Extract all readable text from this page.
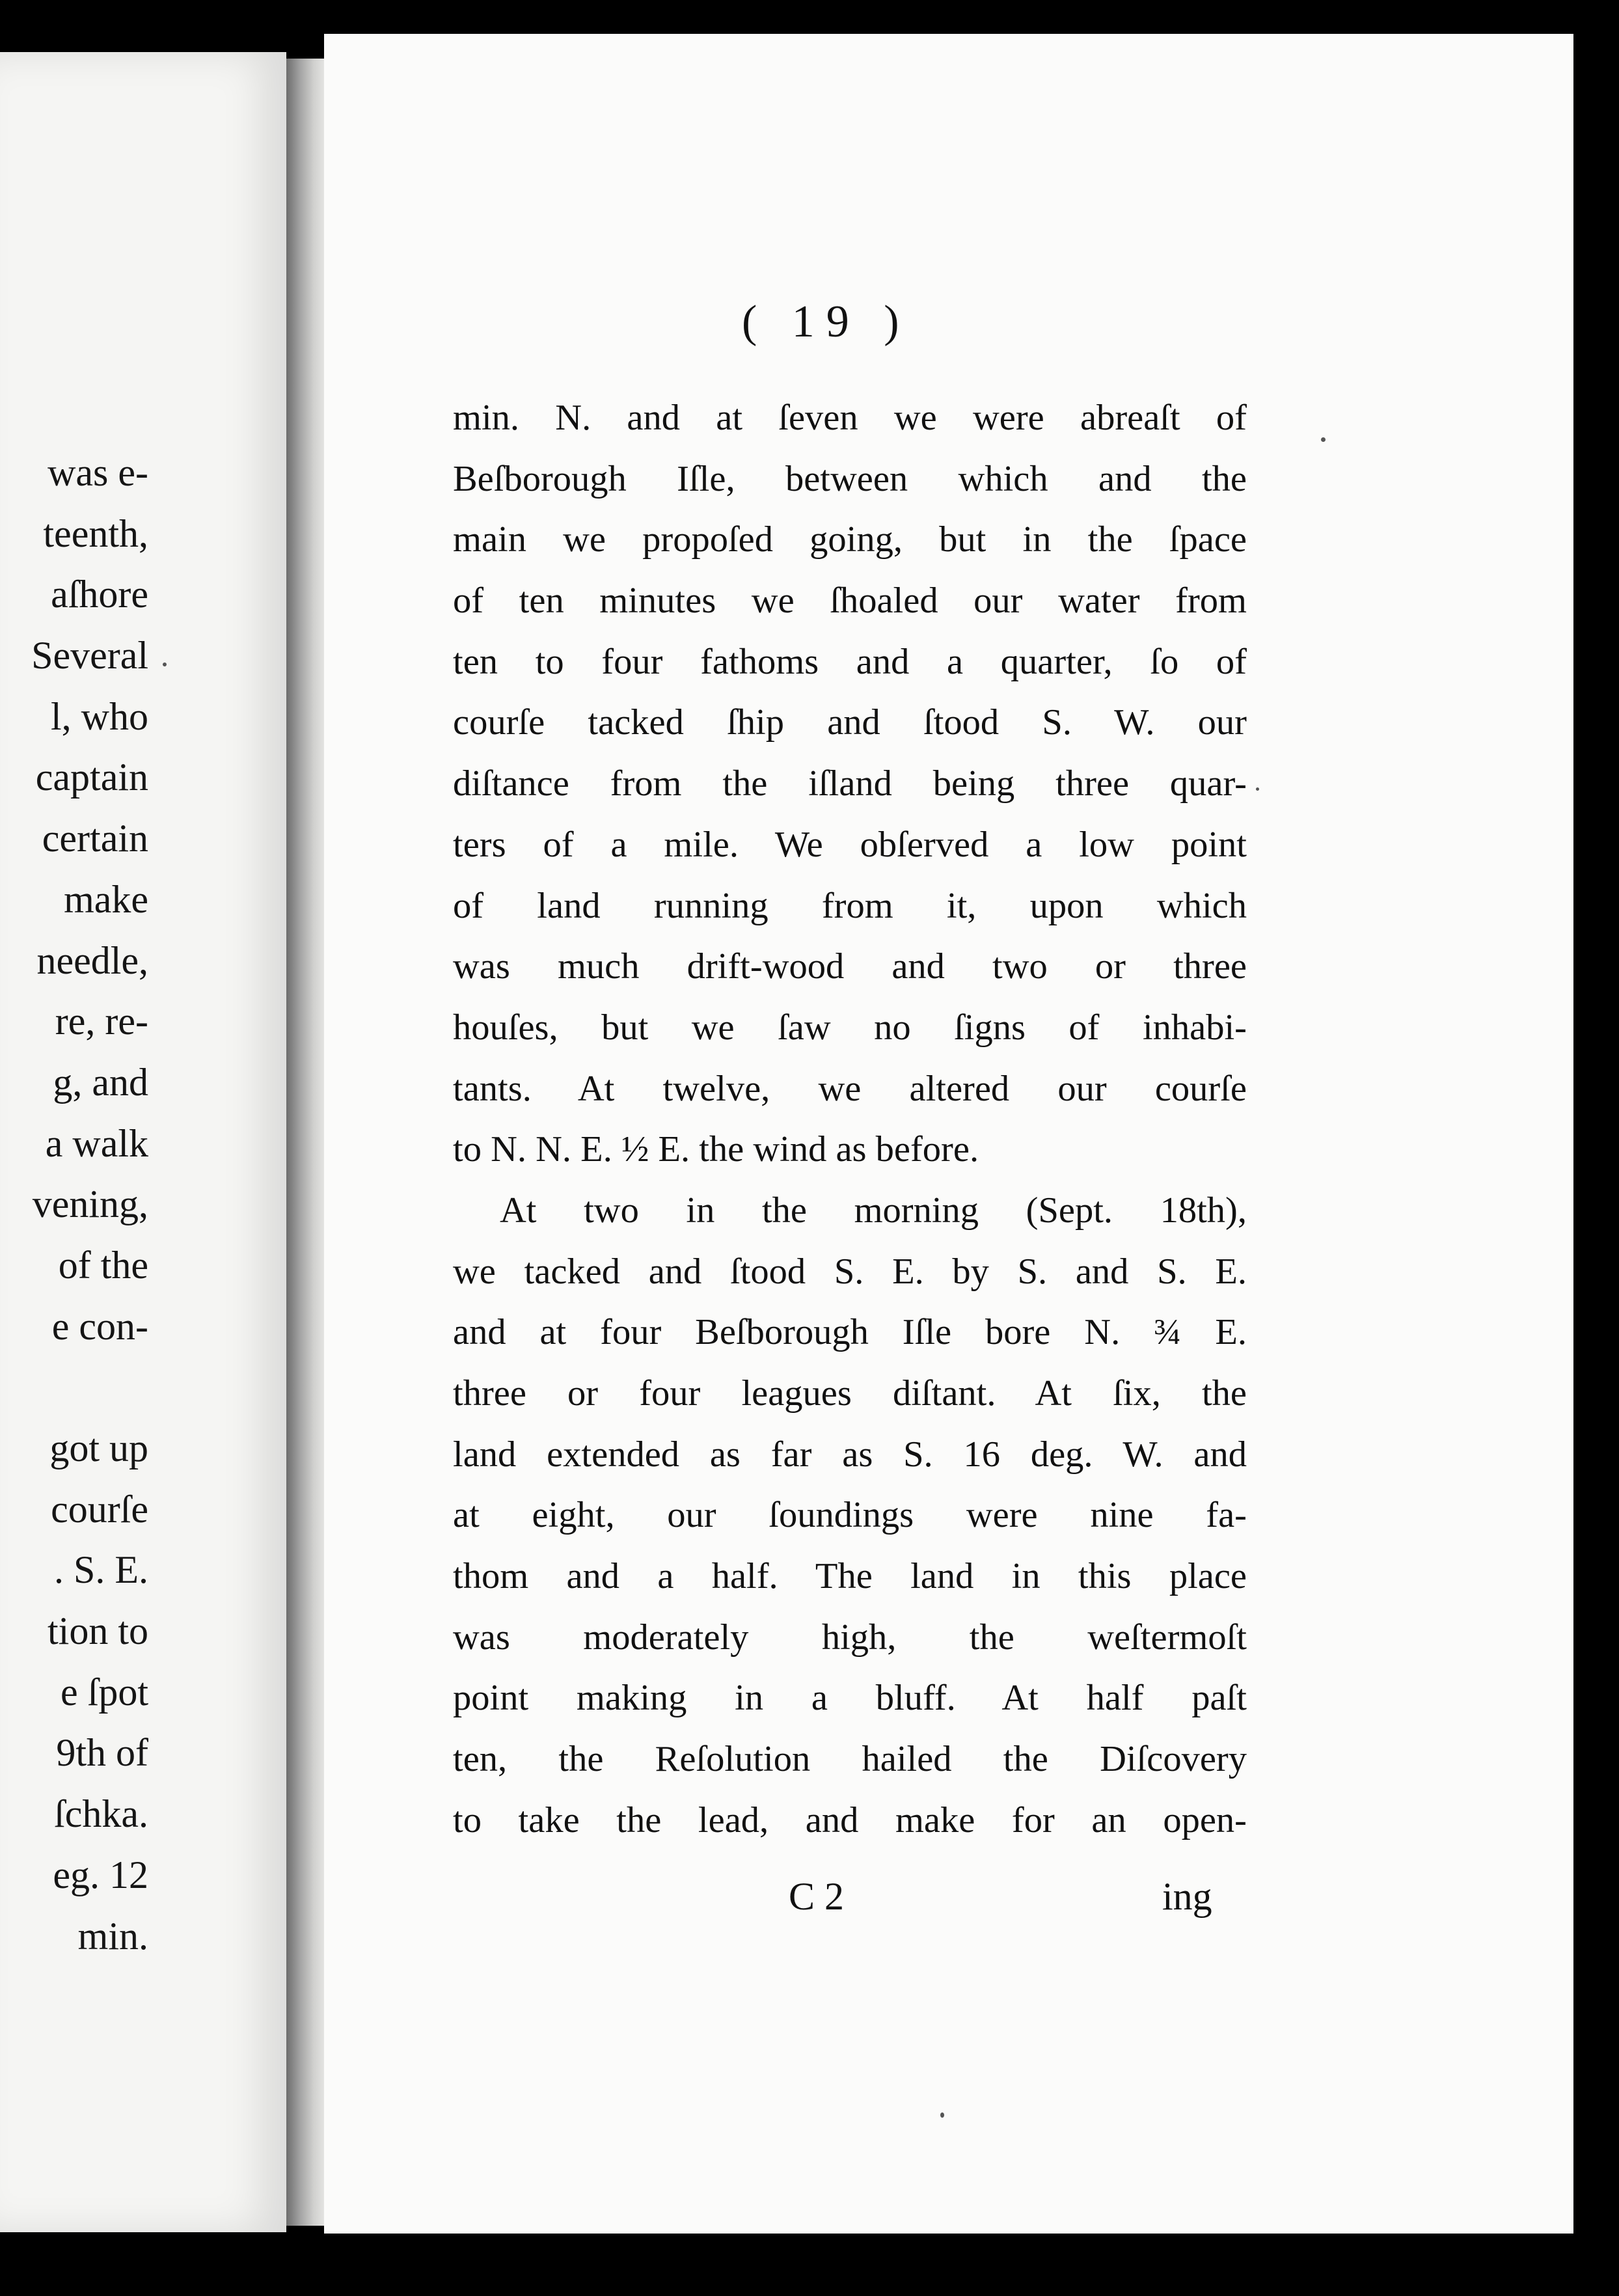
was e-
teenth,
aſhore
Several
l, who
captain
certain
make
needle,
re, re-
g, and
a walk
vening,
of the
e con-
got up
courſe
. S. E.
tion to
e ſpot
9th of
ſchka.
eg. 12
min.
( 19 )
min. N. and at ſeven we were abreaſt of
Beſborough Iſle, between which and the
main we propoſed going, but in the ſpace
of ten minutes we ſhoaled our water from
ten to four fathoms and a quarter, ſo of
courſe tacked ſhip and ſtood S. W. our
diſtance from the iſland being three quar-
ters of a mile. We obſerved a low point
of land running from it, upon which
was much drift-wood and two or three
houſes, but we ſaw no ſigns of inhabi-
tants. At twelve, we altered our courſe
to N. N. E. ½ E. the wind as before.
At two in the morning (Sept. 18th),
we tacked and ſtood S. E. by S. and S. E.
and at four Beſborough Iſle bore N. ¾ E.
three or four leagues diſtant. At ſix, the
land extended as far as S. 16 deg. W. and
at eight, our ſoundings were nine fa-
thom and a half. The land in this place
was moderately high, the weſtermoſt
point making in a bluff. At half paſt
ten, the Reſolution hailed the Diſcovery
to take the lead, and make for an open-
C 2	ing
